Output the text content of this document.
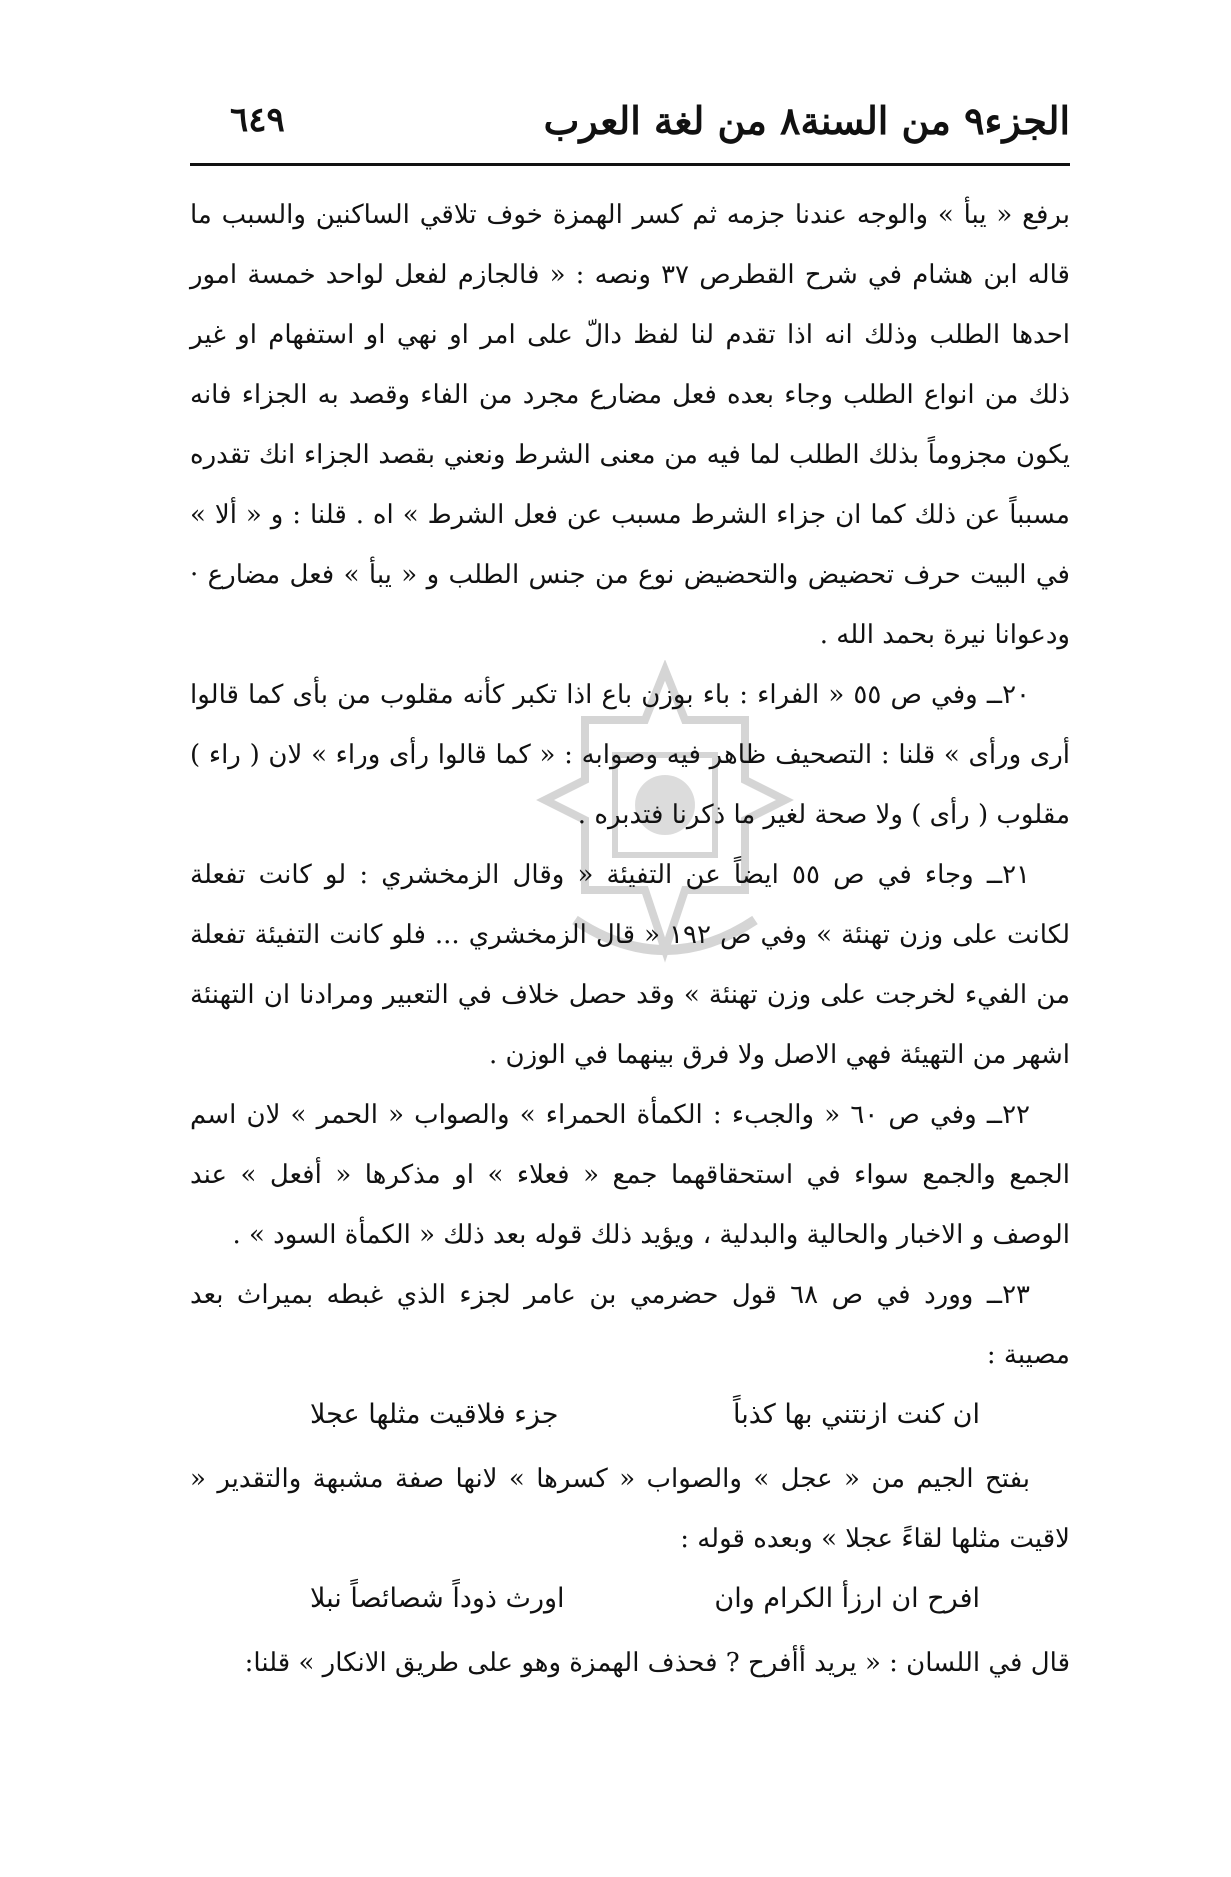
الجزء٩ من السنة٨ من لغة العرب
٦٤٩

برفع « يبأ » والوجه عندنا جزمه ثم كسر الهمزة خوف تلاقي الساكنين والسبب ما قاله ابن هشام في شرح القطرص ٣٧ ونصه : « فالجازم لفعل لواحد خمسة امور احدها الطلب وذلك انه اذا تقدم لنا لفظ دالّ على امر او نهي او استفهام او غير ذلك من انواع الطلب وجاء بعده فعل مضارع مجرد من الفاء وقصد به الجزاء فانه يكون مجزوماً بذلك الطلب لما فيه من معنى الشرط ونعني بقصد الجزاء انك تقدره مسبباً عن ذلك كما ان جزاء الشرط مسبب عن فعل الشرط » اه . قلنا : و « ألا » في البيت حرف تحضيض والتحضيض نوع من جنس الطلب و « يبأ » فعل مضارع · ودعوانا نيرة بحمد الله .

٢٠ــ وفي ص ٥٥ « الفراء : باء بوزن باع اذا تكبر كأنه مقلوب من بأى كما قالوا أرى ورأى » قلنا : التصحيف ظاهر فيه وصوابه : « كما قالوا رأى وراء » لان ( راء ) مقلوب ( رأى ) ولا صحة لغير ما ذكرنا فتدبره .

٢١ــ وجاء في ص ٥٥ ايضاً عن التفيئة « وقال الزمخشري : لو كانت تفعلة لكانت على وزن تهنئة » وفي ص ١٩٢ « قال الزمخشري ... فلو كانت التفيئة تفعلة من الفيء لخرجت على وزن تهنئة » وقد حصل خلاف في التعبير ومرادنا ان التهنئة اشهر من التهيئة فهي الاصل ولا فرق بينهما في الوزن .

٢٢ــ وفي ص ٦٠ « والجبء : الكمأة الحمراء » والصواب « الحمر » لان اسم الجمع والجمع سواء في استحقاقهما جمع « فعلاء » او مذكرها « أفعل » عند الوصف و الاخبار والحالية والبدلية ، ويؤيد ذلك قوله بعد ذلك « الكمأة السود » .

٢٣ــ وورد في ص ٦٨ قول حضرمي بن عامر لجزء الذي غبطه بميراث بعد مصيبة :

ان كنت ازنتني بها كذباً
جزء فلاقيت مثلها عجلا

بفتح الجيم من « عجل » والصواب « كسرها » لانها صفة مشبهة والتقدير « لاقيت مثلها لقاءً عجلا » وبعده قوله :

افرح ان ارزأ الكرام وان
اورث ذوداً شصائصاً نبلا

قال في اللسان : « يريد أأفرح ? فحذف الهمزة وهو على طريق الانكار » قلنا:
